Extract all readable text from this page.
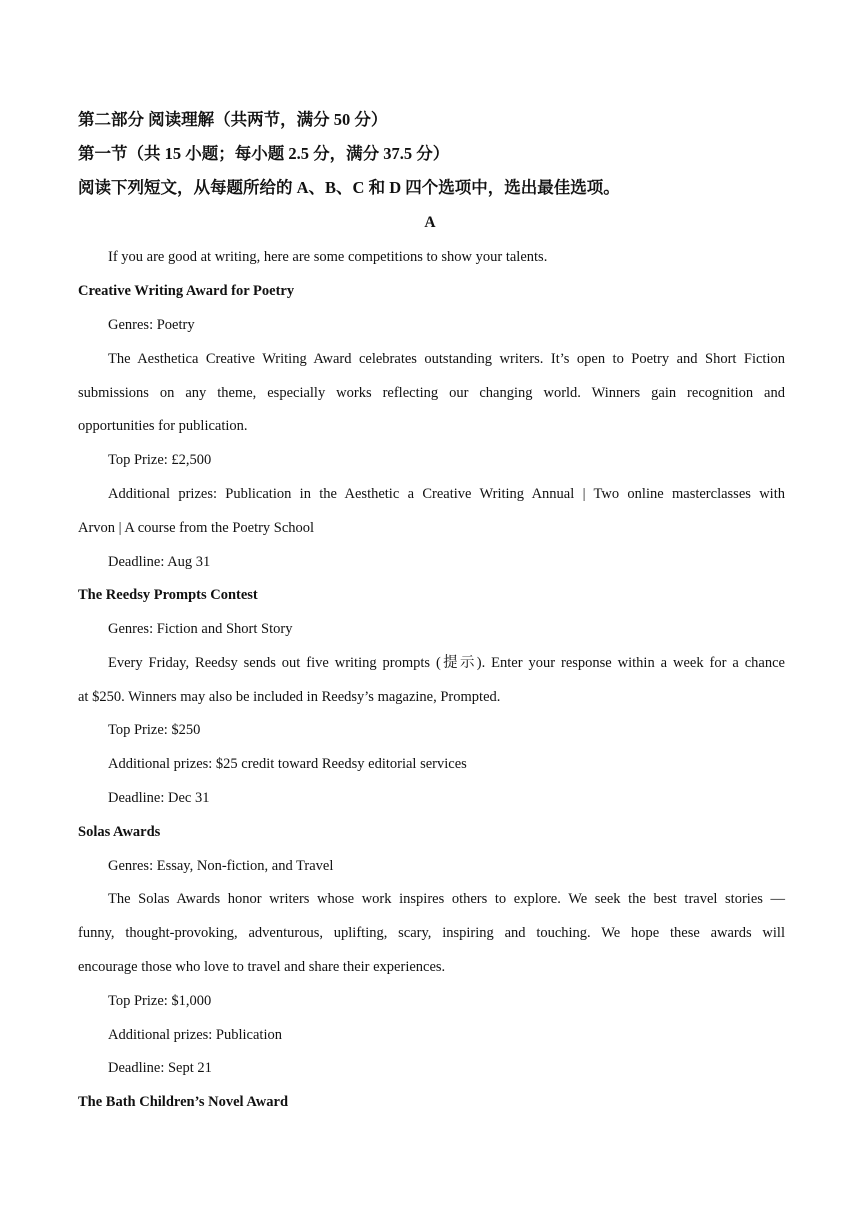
第二部分 阅读理解（共两节，满分 50 分）
第一节（共 15 小题；每小题 2.5 分，满分 37.5 分）
阅读下列短文，从每题所给的 A、B、C 和 D 四个选项中，选出最佳选项。
A
If you are good at writing, here are some competitions to show your talents.
Creative Writing Award for Poetry
Genres: Poetry
The Aesthetica Creative Writing Award celebrates outstanding writers. It’s open to Poetry and Short Fiction
submissions on any theme, especially works reflecting our changing world. Winners gain recognition and
opportunities for publication.
Top Prize: £2,500
Additional prizes: Publication in the Aesthetic a Creative Writing Annual | Two online masterclasses with
Arvon | A course from the Poetry School
Deadline: Aug 31
The Reedsy Prompts Contest
Genres: Fiction and Short Story
Every Friday, Reedsy sends out five writing prompts (提示). Enter your response within a week for a chance
at $250. Winners may also be included in Reedsy’s magazine, Prompted.
Top Prize: $250
Additional prizes: $25 credit toward Reedsy editorial services
Deadline: Dec 31
Solas Awards
Genres: Essay, Non-fiction, and Travel
The Solas Awards honor writers whose work inspires others to explore. We seek the best travel stories —
funny, thought-provoking, adventurous, uplifting, scary, inspiring and touching. We hope these awards will
encourage those who love to travel and share their experiences.
Top Prize: $1,000
Additional prizes: Publication
Deadline: Sept 21
The Bath Children’s Novel Award
